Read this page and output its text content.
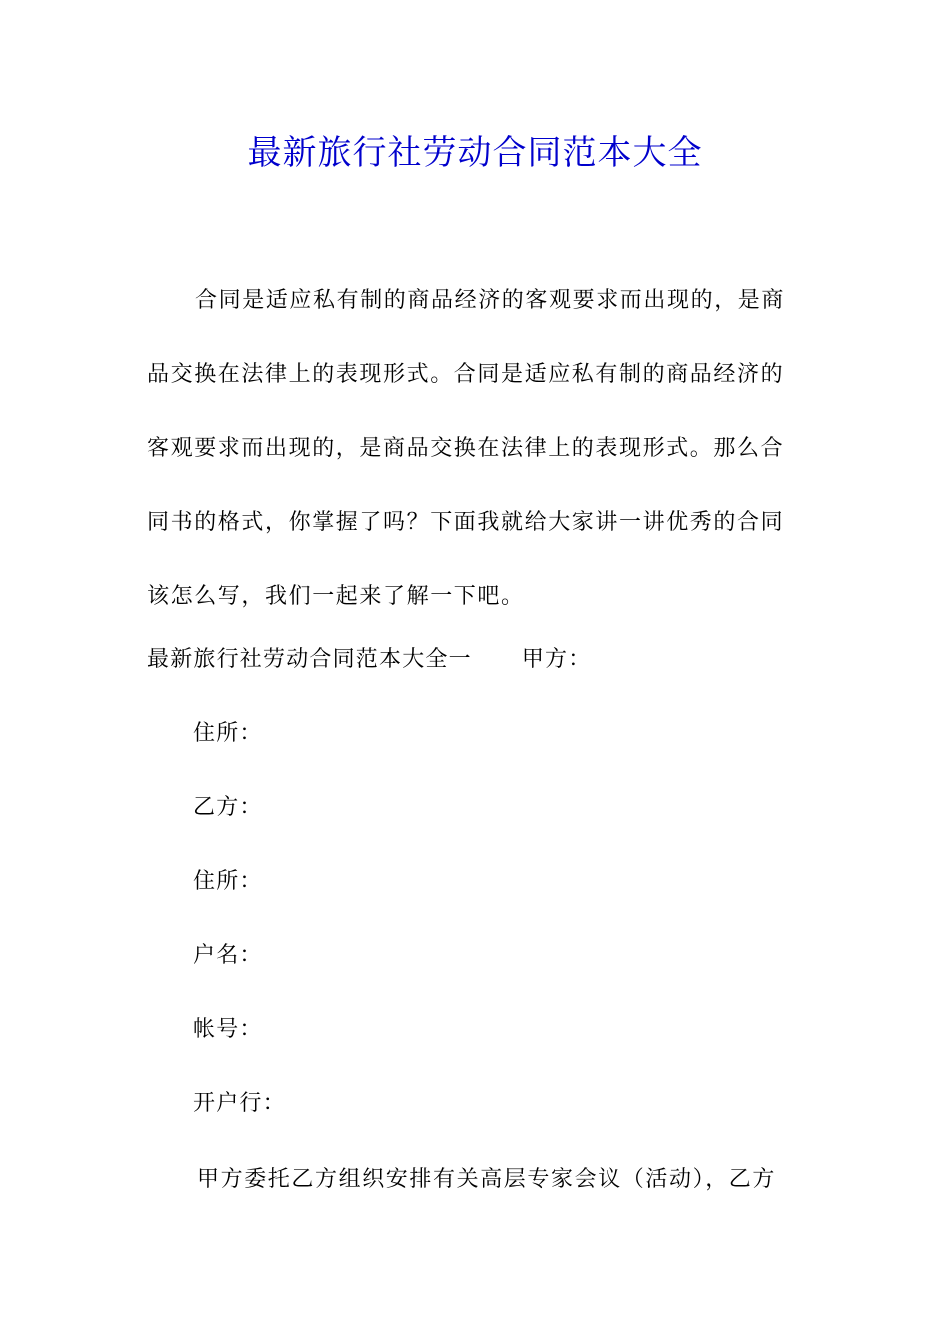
最新旅行社劳动合同范本大全
合同是适应私有制的商品经济的客观要求而出现的，是商
品交换在法律上的表现形式。合同是适应私有制的商品经济的
客观要求而出现的，是商品交换在法律上的表现形式。那么合
同书的格式，你掌握了吗？下面我就给大家讲一讲优秀的合同
该怎么写，我们一起来了解一下吧。
最新旅行社劳动合同范本大全一 甲方：
住所：
乙方：
住所：
户名：
帐号：
开户行：
甲方委托乙方组织安排有关高层专家会议（活动），乙方
